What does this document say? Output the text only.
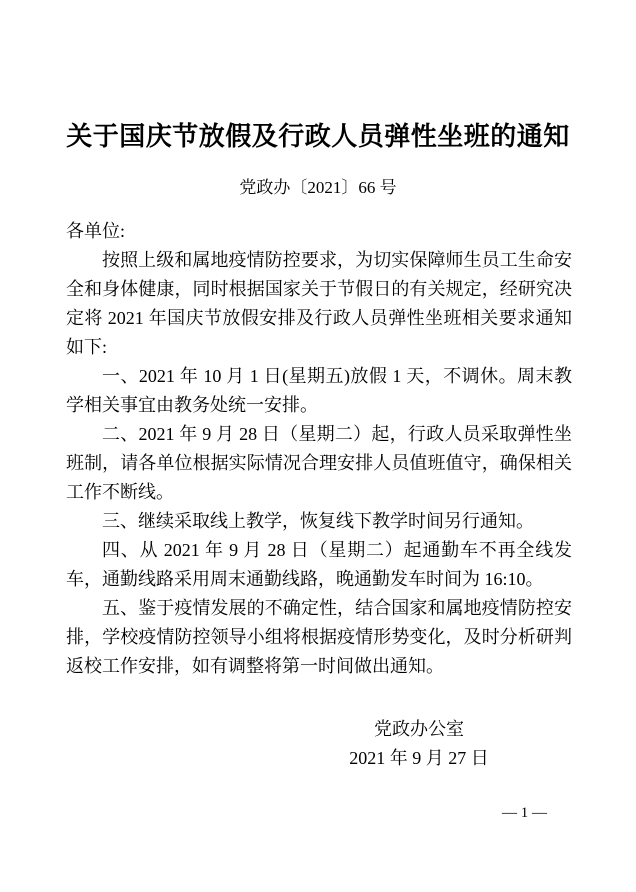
关于国庆节放假及行政人员弹性坐班的通知
党政办〔2021〕66 号

各单位:

按照上级和属地疫情防控要求，为切实保障师生员工生命安全和身体健康，同时根据国家关于节假日的有关规定，经研究决定将 2021 年国庆节放假安排及行政人员弹性坐班相关要求通知如下:

一、2021 年 10 月 1 日(星期五)放假 1 天，不调休。周末教学相关事宜由教务处统一安排。

二、2021 年 9 月 28 日（星期二）起，行政人员采取弹性坐班制，请各单位根据实际情况合理安排人员值班值守，确保相关工作不断线。

三、继续采取线上教学，恢复线下教学时间另行通知。

四、从 2021 年 9 月 28 日（星期二）起通勤车不再全线发车，通勤线路采用周末通勤线路，晚通勤发车时间为 16:10。

五、鉴于疫情发展的不确定性，结合国家和属地疫情防控安排，学校疫情防控领导小组将根据疫情形势变化，及时分析研判返校工作安排，如有调整将第一时间做出通知。

党政办公室
2021 年 9 月 27 日
— 1 —
